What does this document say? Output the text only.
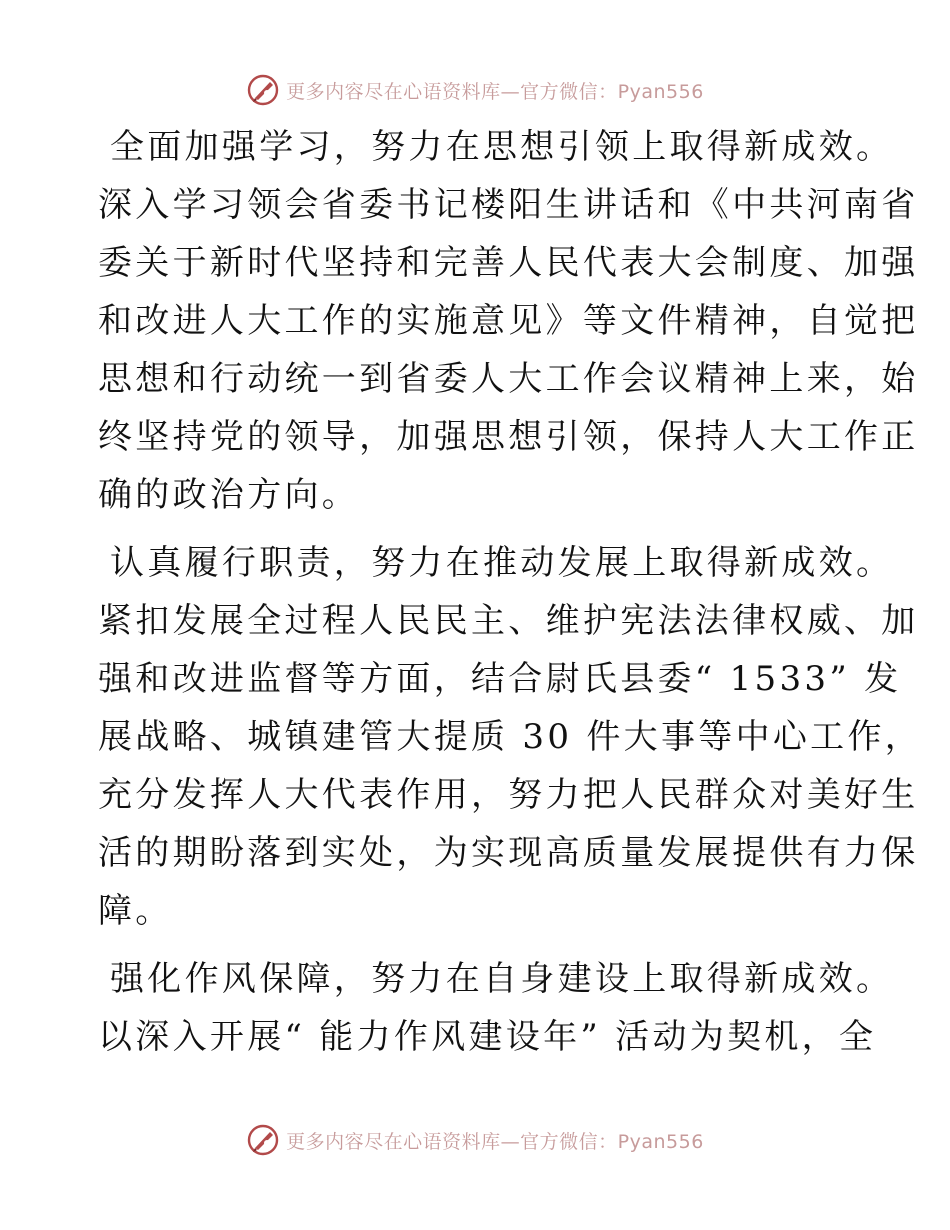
更多内容尽在心语资料库—官方微信：Pyan556
全面加强学习，努力在思想引领上取得新成效。
深入学习领会省委书记楼阳生讲话和《中共河南省
委关于新时代坚持和完善人民代表大会制度、加强
和改进人大工作的实施意见》等文件精神，自觉把
思想和行动统一到省委人大工作会议精神上来，始
终坚持党的领导，加强思想引领，保持人大工作正
确的政治方向。
认真履行职责，努力在推动发展上取得新成效。
紧扣发展全过程人民民主、维护宪法法律权威、加
强和改进监督等方面，结合尉氏县委“ 1533” 发
展战略、城镇建管大提质 30 件大事等中心工作，
充分发挥人大代表作用，努力把人民群众对美好生
活的期盼落到实处，为实现高质量发展提供有力保
障。
强化作风保障，努力在自身建设上取得新成效。
以深入开展“ 能力作风建设年” 活动为契机，全
更多内容尽在心语资料库—官方微信：Pyan556
